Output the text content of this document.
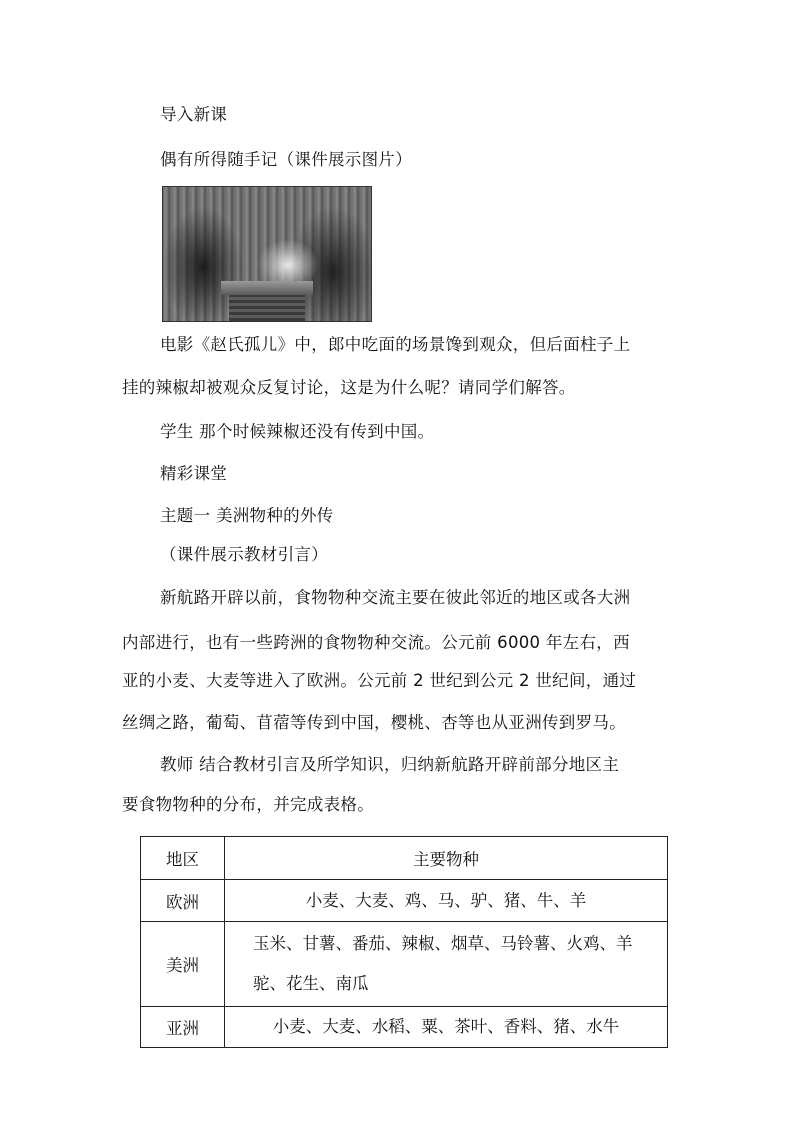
导入新课
偶有所得随手记（课件展示图片）
电影《赵氏孤儿》中，郎中吃面的场景馋到观众，但后面柱子上
挂的辣椒却被观众反复讨论，这是为什么呢？请同学们解答。
学生 那个时候辣椒还没有传到中国。
精彩课堂
主题一 美洲物种的外传
（课件展示教材引言）
新航路开辟以前，食物物种交流主要在彼此邻近的地区或各大洲
内部进行，也有一些跨洲的食物物种交流。公元前 6000 年左右，西
亚的小麦、大麦等进入了欧洲。公元前 2 世纪到公元 2 世纪间，通过
丝绸之路，葡萄、苜蓿等传到中国，樱桃、杏等也从亚洲传到罗马。
教师 结合教材引言及所学知识，归纳新航路开辟前部分地区主
要食物物种的分布，并完成表格。
地区	主要物种
欧洲	小麦、大麦、鸡、马、驴、猪、牛、羊
美洲	玉米、甘薯、番茄、辣椒、烟草、马铃薯、火鸡、羊驼、花生、南瓜
亚洲	小麦、大麦、水稻、粟、茶叶、香料、猪、水牛
